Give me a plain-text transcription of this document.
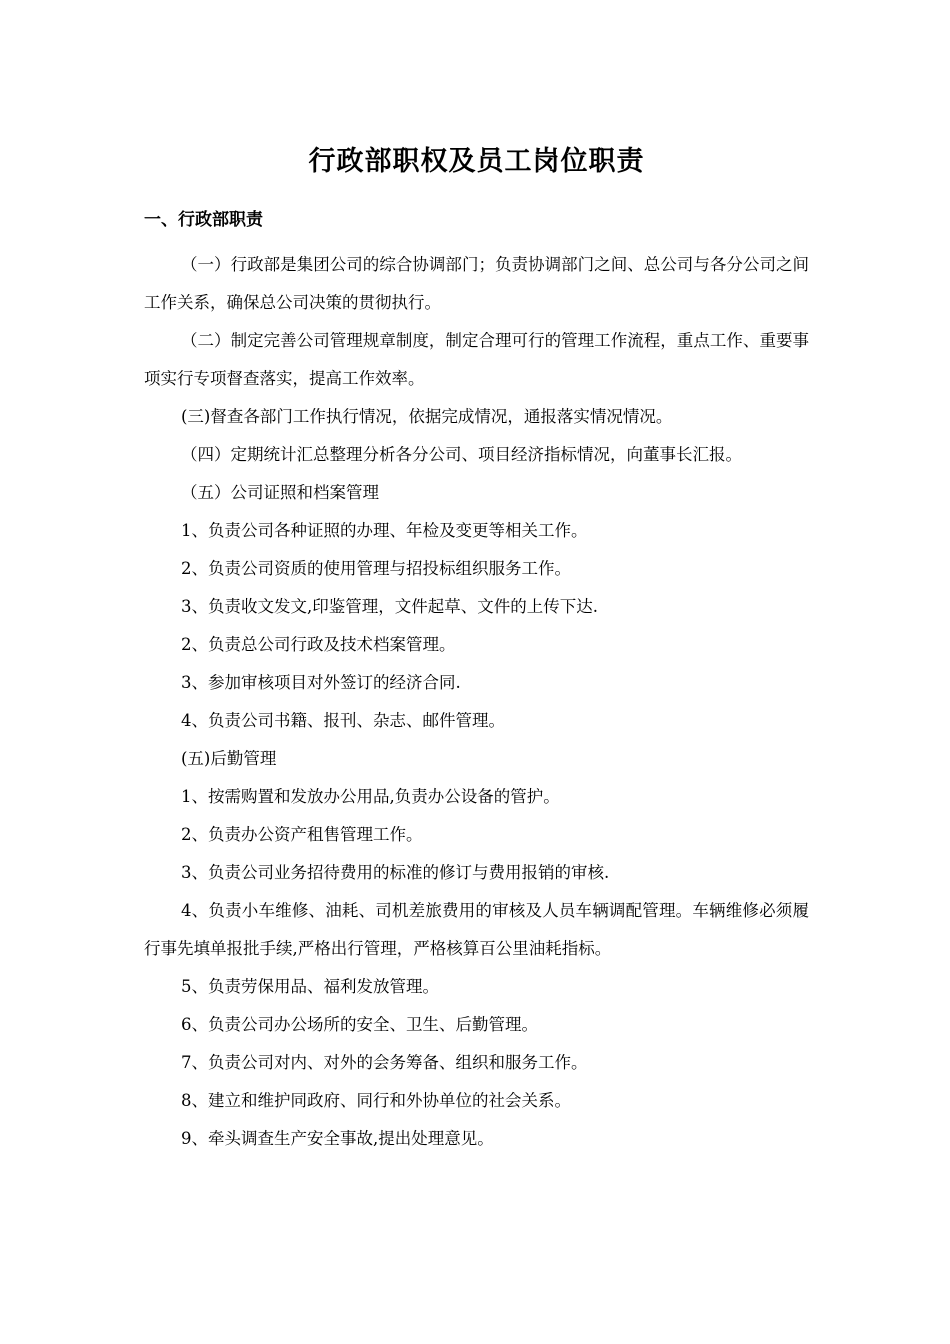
行政部职权及员工岗位职责
一、行政部职责

（一）行政部是集团公司的综合协调部门；负责协调部门之间、总公司与各分公司之间工作关系，确保总公司决策的贯彻执行。

（二）制定完善公司管理规章制度，制定合理可行的管理工作流程，重点工作、重要事项实行专项督查落实，提高工作效率。

(三)督查各部门工作执行情况，依据完成情况，通报落实情况情况。

（四）定期统计汇总整理分析各分公司、项目经济指标情况，向董事长汇报。

（五）公司证照和档案管理

1、负责公司各种证照的办理、年检及变更等相关工作。

2、负责公司资质的使用管理与招投标组织服务工作。

3、负责收文发文,印鉴管理，文件起草、文件的上传下达.

2、负责总公司行政及技术档案管理。

3、参加审核项目对外签订的经济合同.

4、负责公司书籍、报刊、杂志、邮件管理。

(五)后勤管理

1、按需购置和发放办公用品,负责办公设备的管护。

2、负责办公资产租售管理工作。

3、负责公司业务招待费用的标准的修订与费用报销的审核.

4、负责小车维修、油耗、司机差旅费用的审核及人员车辆调配管理。车辆维修必须履行事先填单报批手续,严格出行管理，严格核算百公里油耗指标。

5、负责劳保用品、福利发放管理。

6、负责公司办公场所的安全、卫生、后勤管理。

7、负责公司对内、对外的会务筹备、组织和服务工作。

8、建立和维护同政府、同行和外协单位的社会关系。

9、牵头调查生产安全事故,提出处理意见。
